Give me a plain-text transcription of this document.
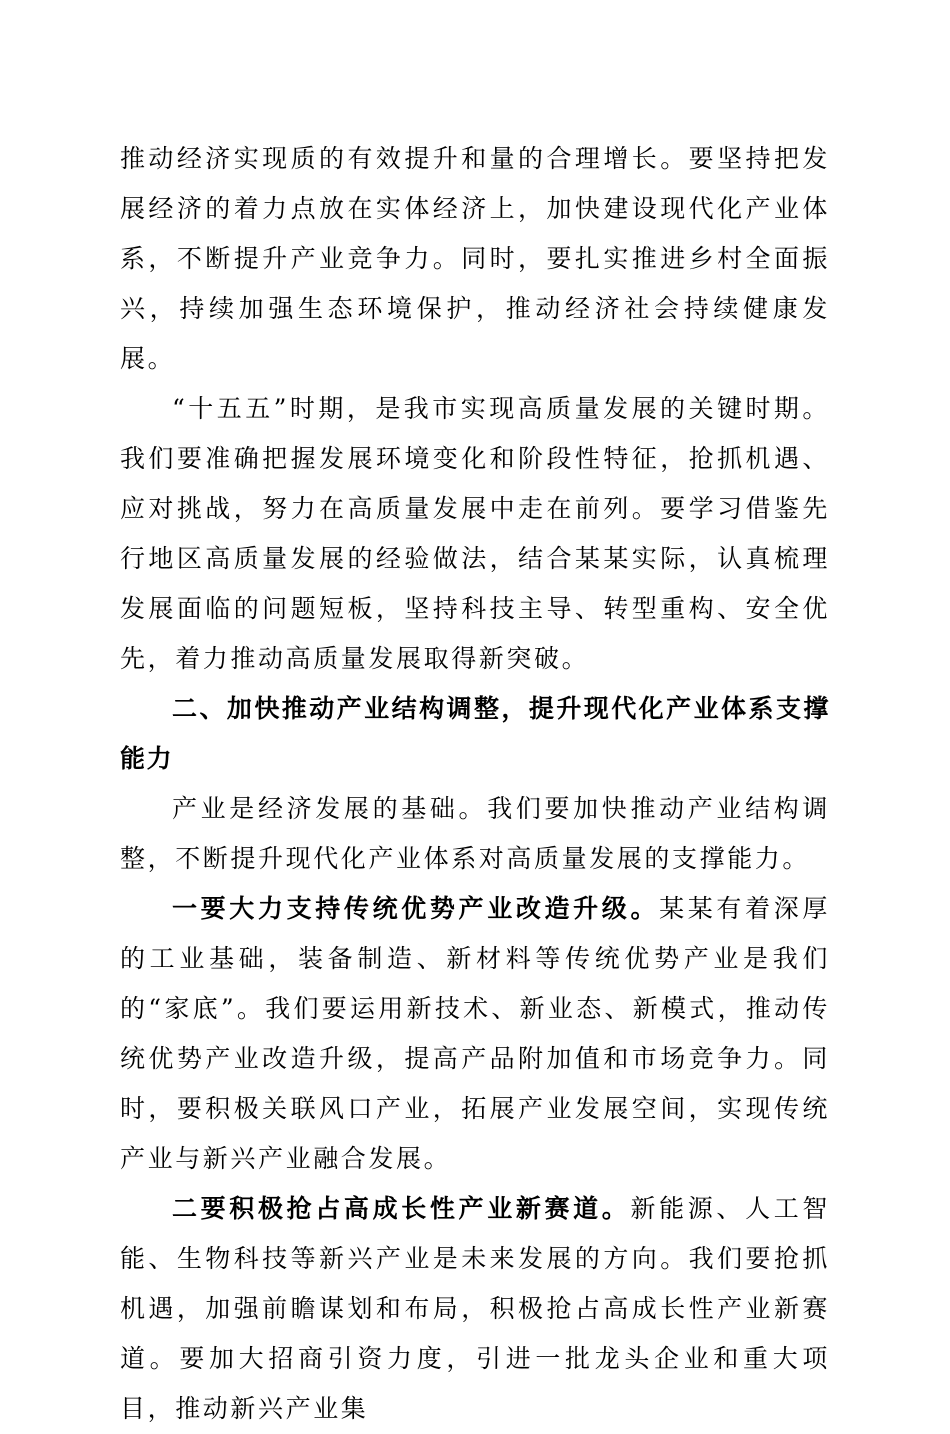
推动经济实现质的有效提升和量的合理增长。要坚持把发展经济的着力点放在实体经济上，加快建设现代化产业体系，不断提升产业竞争力。同时，要扎实推进乡村全面振兴，持续加强生态环境保护，推动经济社会持续健康发展。

“十五五”时期，是我市实现高质量发展的关键时期。我们要准确把握发展环境变化和阶段性特征，抢抓机遇、应对挑战，努力在高质量发展中走在前列。要学习借鉴先行地区高质量发展的经验做法，结合某某实际，认真梳理发展面临的问题短板，坚持科技主导、转型重构、安全优先，着力推动高质量发展取得新突破。

二、加快推动产业结构调整，提升现代化产业体系支撑能力

产业是经济发展的基础。我们要加快推动产业结构调整，不断提升现代化产业体系对高质量发展的支撑能力。

一要大力支持传统优势产业改造升级。某某有着深厚的工业基础，装备制造、新材料等传统优势产业是我们的“家底”。我们要运用新技术、新业态、新模式，推动传统优势产业改造升级，提高产品附加值和市场竞争力。同时，要积极关联风口产业，拓展产业发展空间，实现传统产业与新兴产业融合发展。

二要积极抢占高成长性产业新赛道。新能源、人工智能、生物科技等新兴产业是未来发展的方向。我们要抢抓机遇，加强前瞻谋划和布局，积极抢占高成长性产业新赛道。要加大招商引资力度，引进一批龙头企业和重大项目，推动新兴产业集
